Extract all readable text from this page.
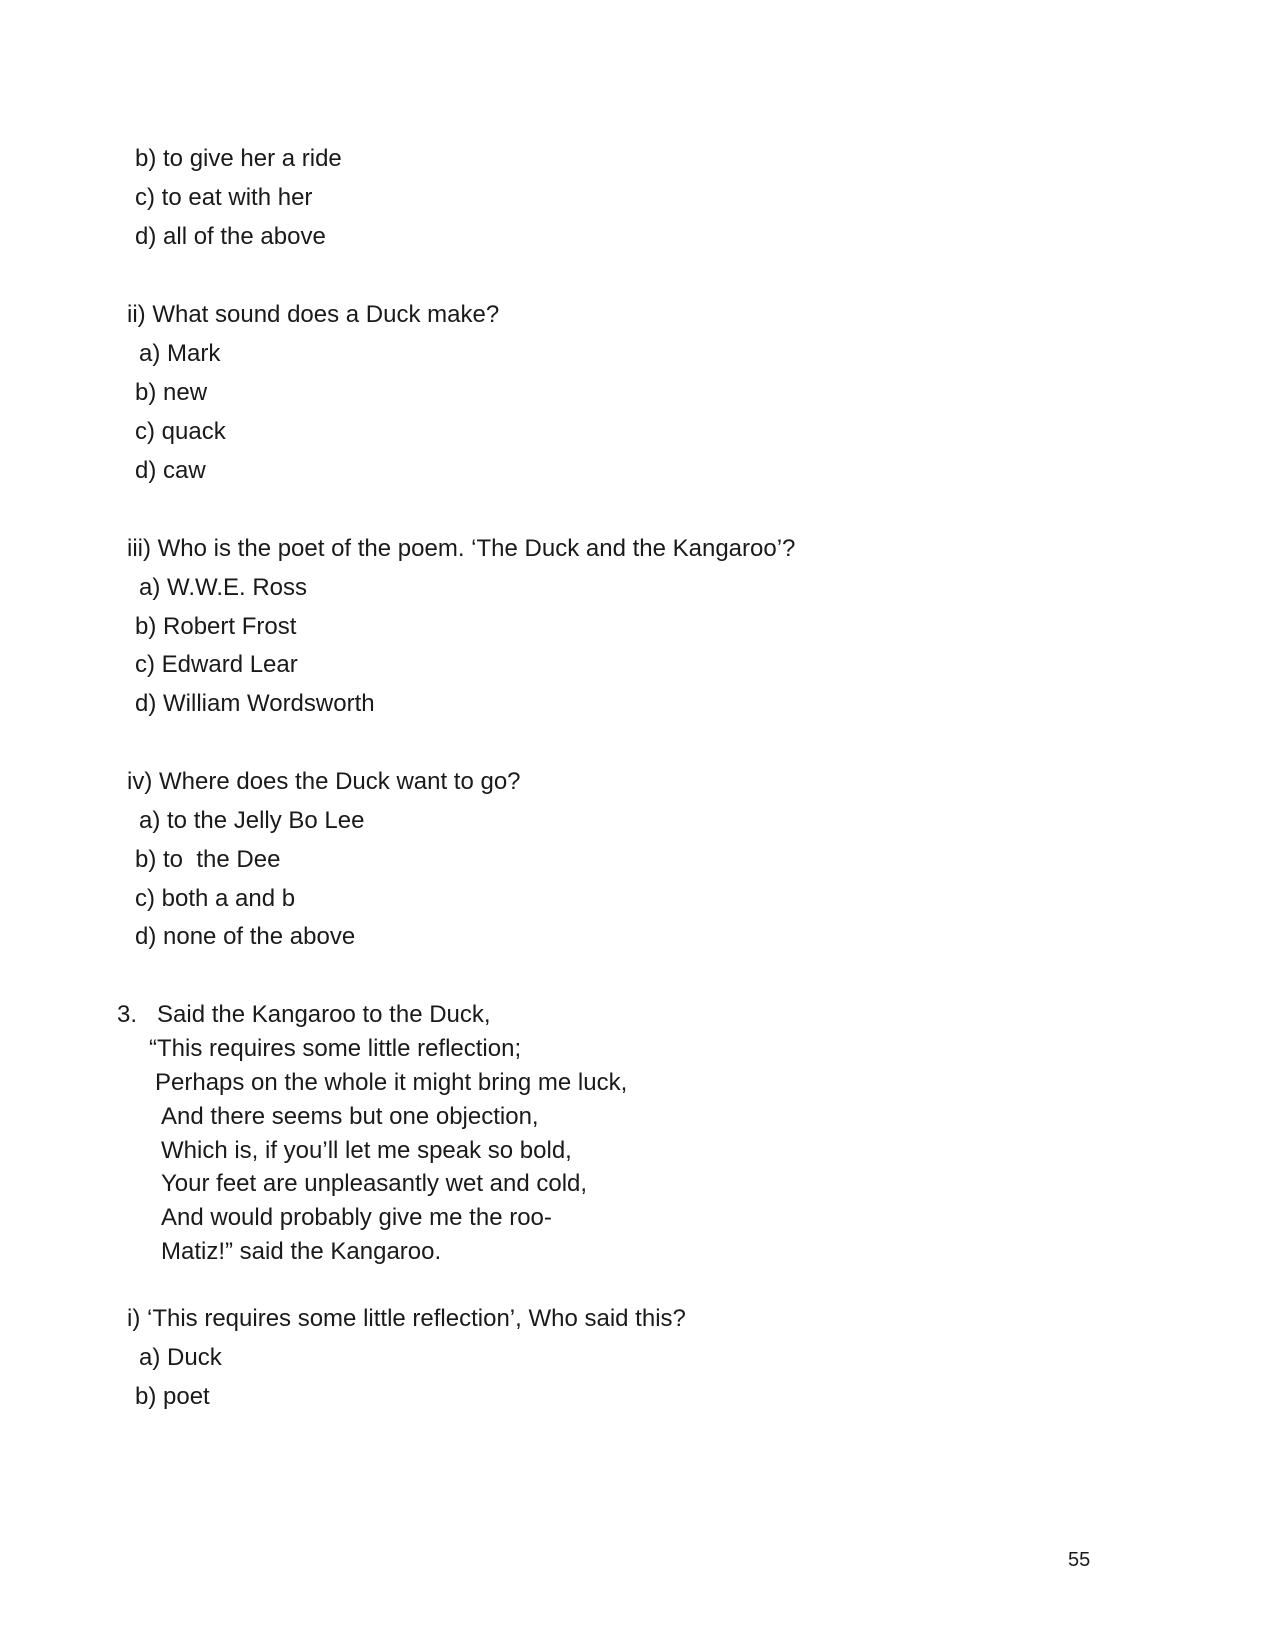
b) to give her a ride
c) to eat with her
d) all of the above
ii) What sound does a Duck make?
a) Mark
b) new
c) quack
d) caw
iii) Who is the poet of the poem. ‘The Duck and the Kangaroo’?
a) W.W.E. Ross
b) Robert Frost
c) Edward Lear
d) William Wordsworth
iv) Where does the Duck want to go?
a) to the Jelly Bo Lee
b) to  the Dee
c) both a and b
d) none of the above
3. Said the Kangaroo to the Duck,
“This requires some little reflection;
Perhaps on the whole it might bring me luck,
And there seems but one objection,
Which is, if you’ll let me speak so bold,
Your feet are unpleasantly wet and cold,
And would probably give me the roo-
Matiz!” said the Kangaroo.
i) ‘This requires some little reflection’, Who said this?
a) Duck
b) poet
55
